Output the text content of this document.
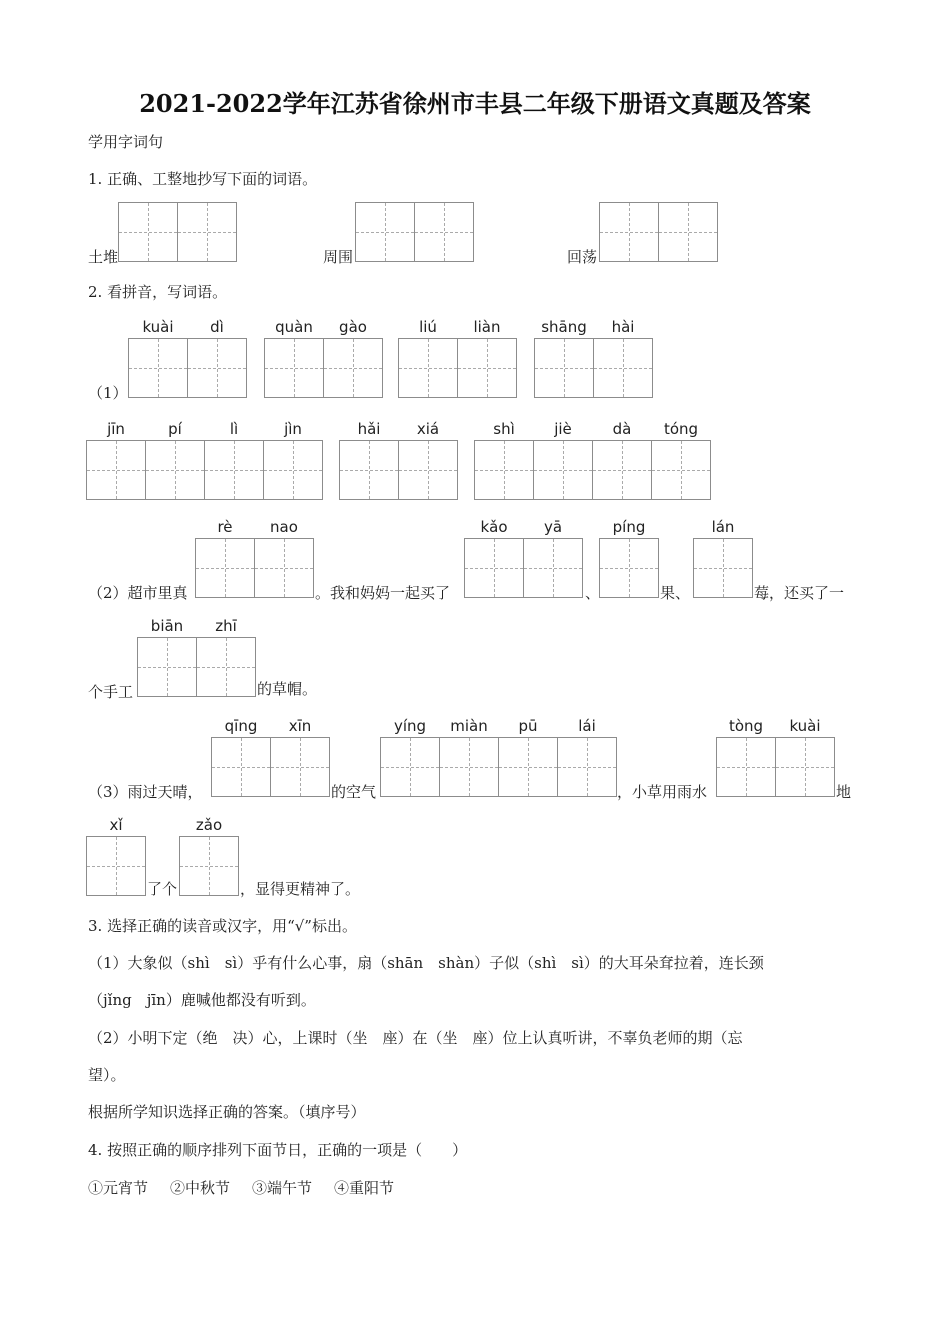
2021-2022学年江苏省徐州市丰县二年级下册语文真题及答案
学用字词句
1. 正确、工整地抄写下面的词语。
土堆	周围	回荡
2. 看拼音，写词语。
kuài	dì	quàn	gào	liú	liàn	shāng	hài
（1）
jīn	pí	lì	jìn	hǎi	xiá	shì	jiè	dà	tóng
rè	nao	kǎo	yā	píng	lán
（2）超市里真	。我和妈妈一起买了	、	果、	莓，还买了一
biān	zhī
个手工	的草帽。
qīng	xīn	yíng	miàn	pū	lái	tòng	kuài
（3）雨过天晴，	的空气	，小草用雨水	地
xǐ	zǎo
了个	，显得更精神了。
3. 选择正确的读音或汉字，用“√”标出。
（1）大象似（shì　sì）乎有什么心事，扇（shān　shàn）子似（shì　sì）的大耳朵耷拉着，连长颈
（jǐng　jīn）鹿喊他都没有听到。
（2）小明下定（绝　决）心，上课时（坐　座）在（坐　座）位上认真听讲，不辜负老师的期（忘
望）。
根据所学知识选择正确的答案。（填序号）
4. 按照正确的顺序排列下面节日，正确的一项是（　　）
①元宵节 ②中秋节 ③端午节 ④重阳节
